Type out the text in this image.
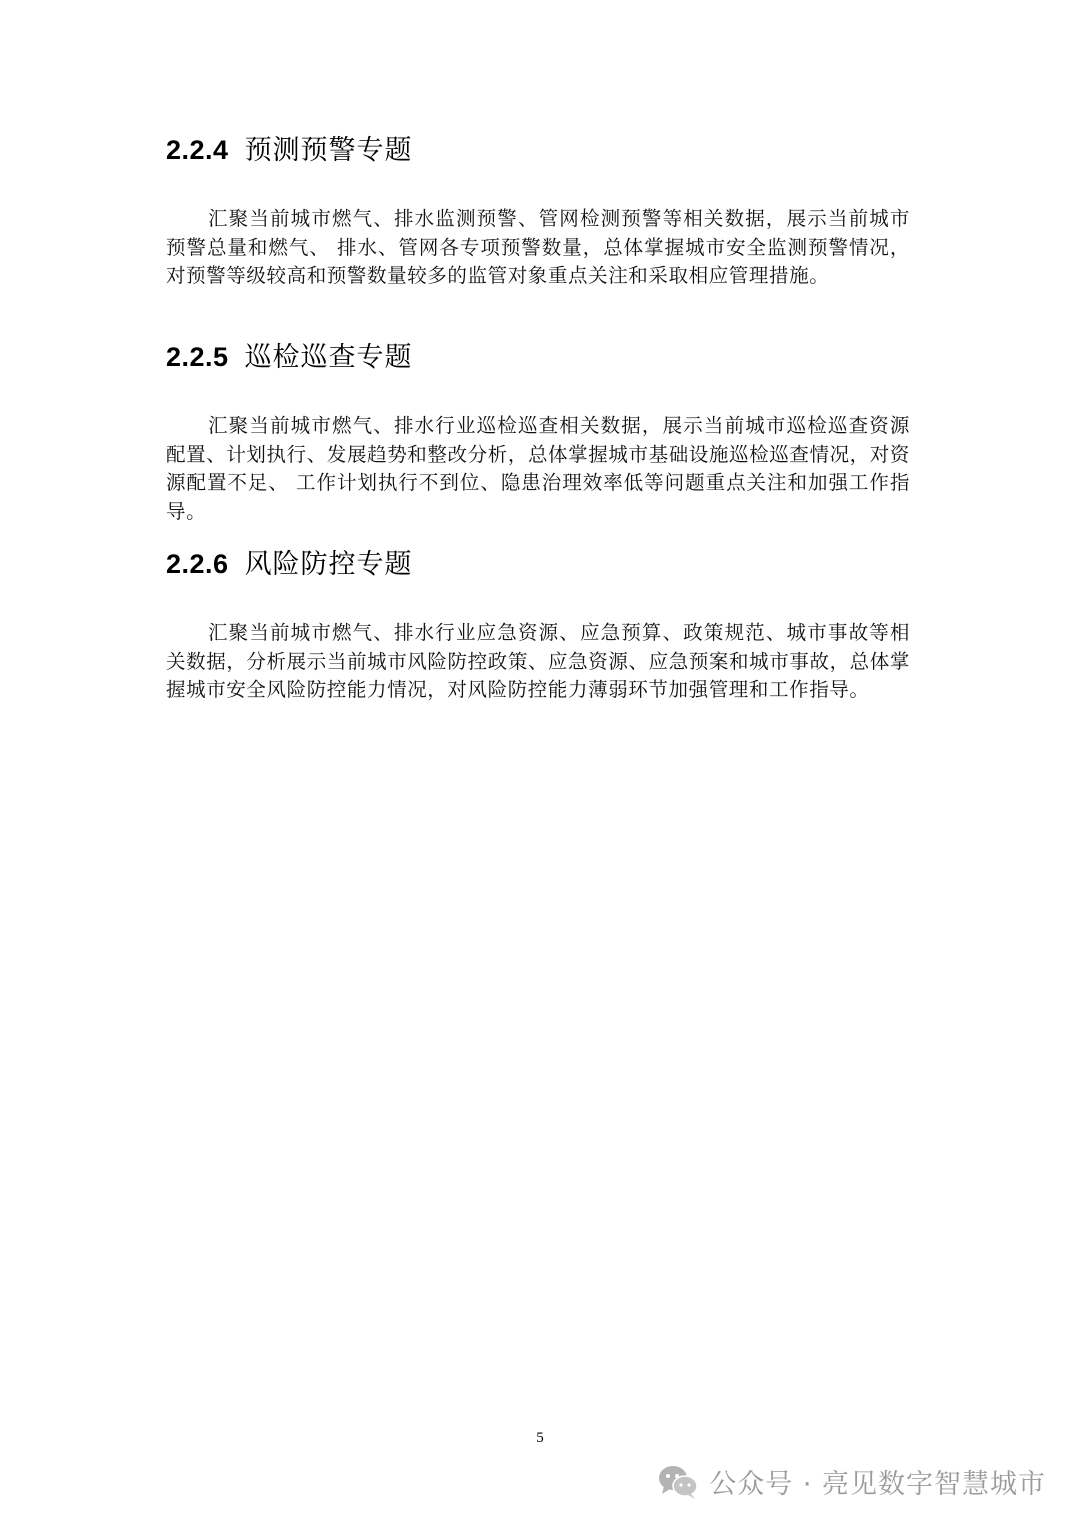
2.2.4 预测预警专题

汇聚当前城市燃气、排水监测预警、管网检测预警等相关数据，展示当前城市预警总量和燃气、 排水、管网各专项预警数量，总体掌握城市安全监测预警情况，对预警等级较高和预警数量较多的监管对象重点关注和采取相应管理措施。

2.2.5 巡检巡查专题

汇聚当前城市燃气、排水行业巡检巡查相关数据，展示当前城市巡检巡查资源配置、计划执行、发展趋势和整改分析，总体掌握城市基础设施巡检巡查情况，对资源配置不足、 工作计划执行不到位、隐患治理效率低等问题重点关注和加强工作指导。

2.2.6 风险防控专题

汇聚当前城市燃气、排水行业应急资源、应急预算、政策规范、城市事故等相关数据，分析展示当前城市风险防控政策、应急资源、应急预案和城市事故，总体掌握城市安全风险防控能力情况，对风险防控能力薄弱环节加强管理和工作指导。

5
公众号 · 亮见数字智慧城市
